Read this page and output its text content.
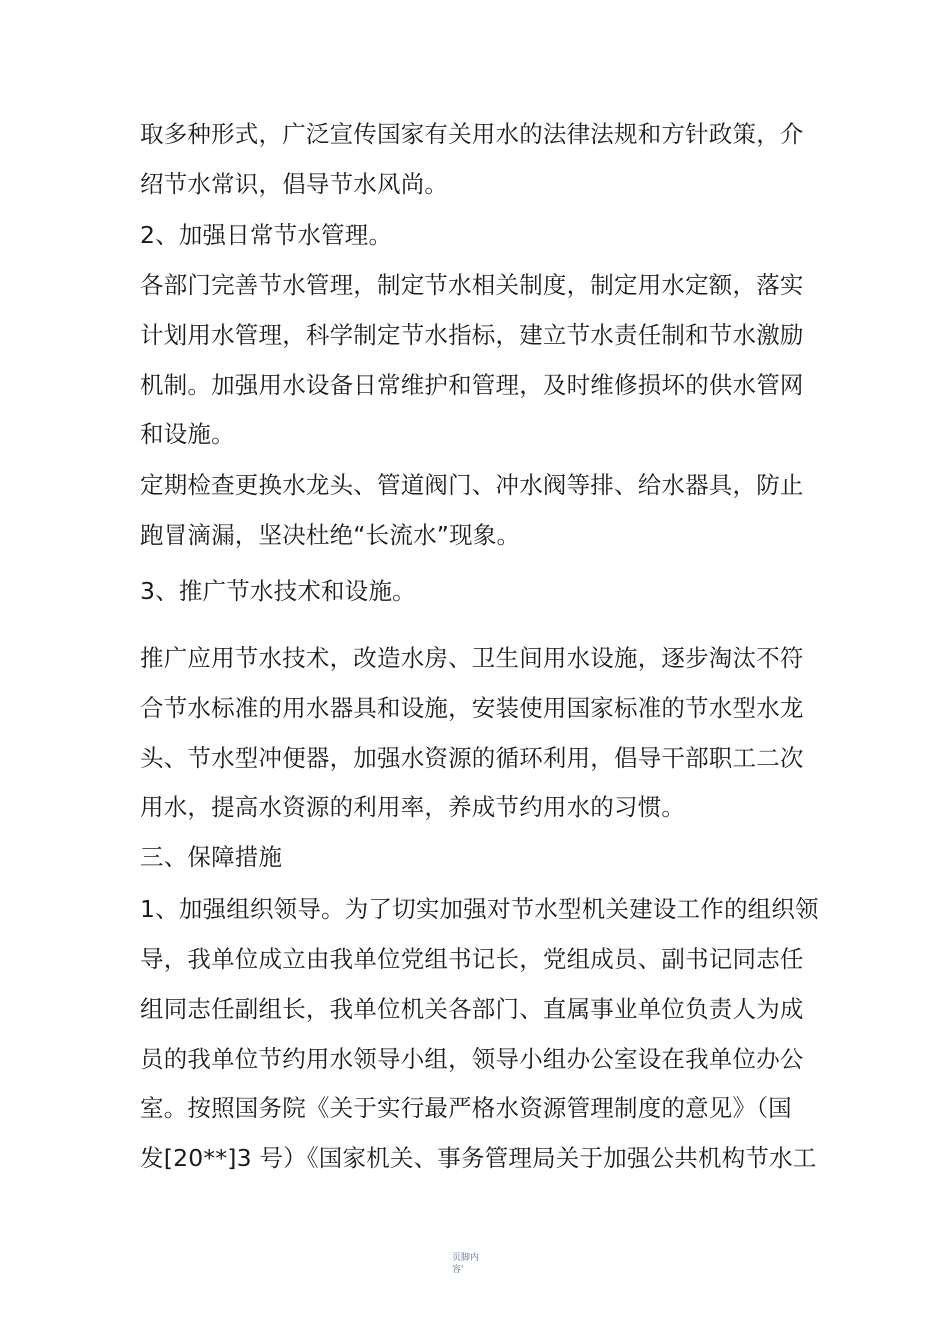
取多种形式，广泛宣传国家有关用水的法律法规和方针政策，介
绍节水常识，倡导节水风尚。
2、加强日常节水管理。
各部门完善节水管理，制定节水相关制度，制定用水定额，落实
计划用水管理，科学制定节水指标，建立节水责任制和节水激励
机制。加强用水设备日常维护和管理，及时维修损坏的供水管网
和设施。
定期检查更换水龙头、管道阀门、冲水阀等排、给水器具，防止
跑冒滴漏，坚决杜绝“长流水”现象。
3、推广节水技术和设施。
推广应用节水技术，改造水房、卫生间用水设施，逐步淘汰不符
合节水标准的用水器具和设施，安装使用国家标准的节水型水龙
头、节水型冲便器，加强水资源的循环利用，倡导干部职工二次
用水，提高水资源的利用率，养成节约用水的习惯。
三、保障措施
1、加强组织领导。为了切实加强对节水型机关建设工作的组织领
导，我单位成立由我单位党组书记长，党组成员、副书记同志任
组同志任副组长，我单位机关各部门、直属事业单位负责人为成
员的我单位节约用水领导小组，领导小组办公室设在我单位办公
室。按照国务院《关于实行最严格水资源管理制度的意见》（国
发[20**]3 号）《国家机关、事务管理局关于加强公共机构节水工
页脚内
容'
